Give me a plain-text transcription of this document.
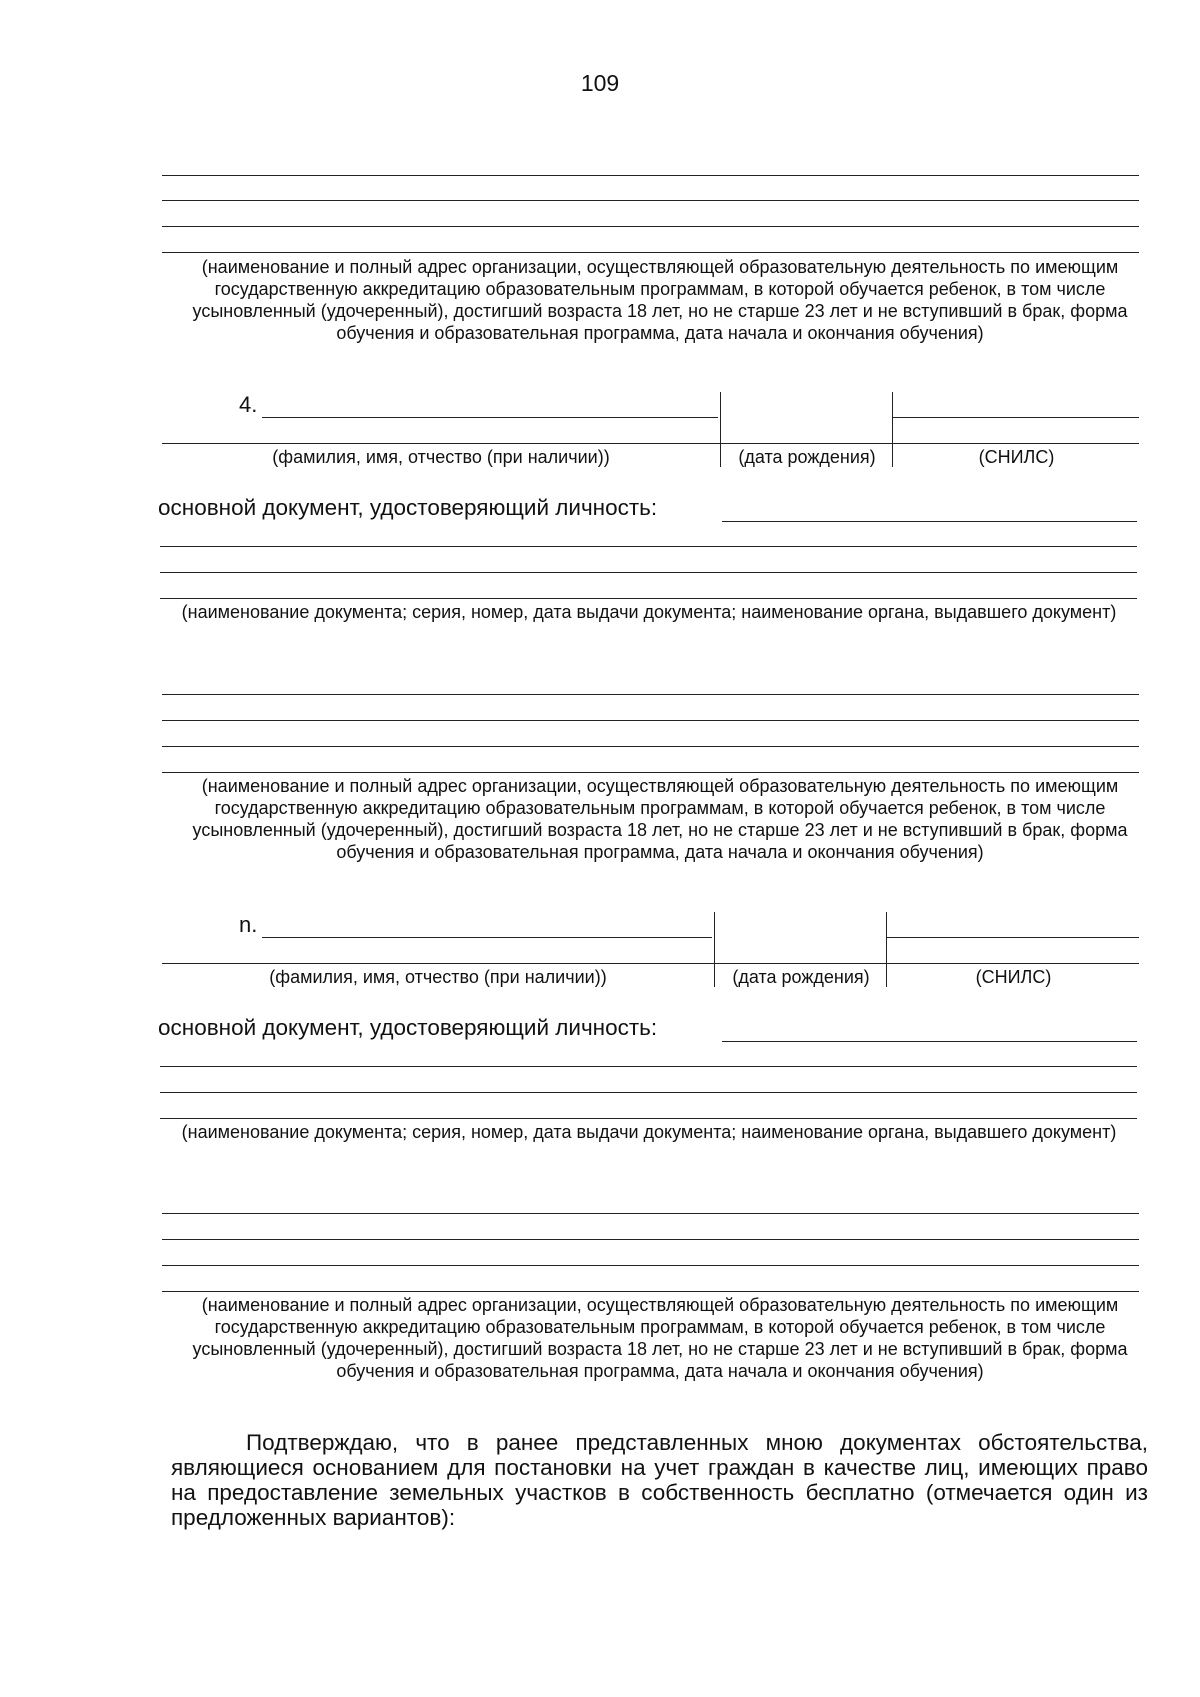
109
(наименование и полный адрес организации, осуществляющей образовательную деятельность по имеющим государственную аккредитацию образовательным программам, в которой обучается ребенок, в том числе усыновленный (удочеренный), достигший возраста 18 лет, но не старше 23 лет и не вступивший в брак, форма обучения и образовательная программа, дата начала и окончания обучения)
4.
(фамилия, имя, отчество (при наличии))	(дата рождения)	(СНИЛС)
основной документ, удостоверяющий личность:
(наименование документа; серия, номер, дата выдачи документа; наименование органа, выдавшего документ)
(наименование и полный адрес организации, осуществляющей образовательную деятельность по имеющим государственную аккредитацию образовательным программам, в которой обучается ребенок, в том числе усыновленный (удочеренный), достигший возраста 18 лет, но не старше 23 лет и не вступивший в брак, форма обучения и образовательная программа, дата начала и окончания обучения)
n.
(фамилия, имя, отчество (при наличии))	(дата рождения)	(СНИЛС)
основной документ, удостоверяющий личность:
(наименование документа; серия, номер, дата выдачи документа; наименование органа, выдавшего документ)
(наименование и полный адрес организации, осуществляющей образовательную деятельность по имеющим государственную аккредитацию образовательным программам, в которой обучается ребенок, в том числе усыновленный (удочеренный), достигший возраста 18 лет, но не старше 23 лет и не вступивший в брак, форма обучения и образовательная программа, дата начала и окончания обучения)
Подтверждаю, что в ранее представленных мною документах обстоятельства, являющиеся основанием для постановки на учет граждан в качестве лиц, имеющих право на предоставление земельных участков в собственность бесплатно (отмечается один из предложенных вариантов):
